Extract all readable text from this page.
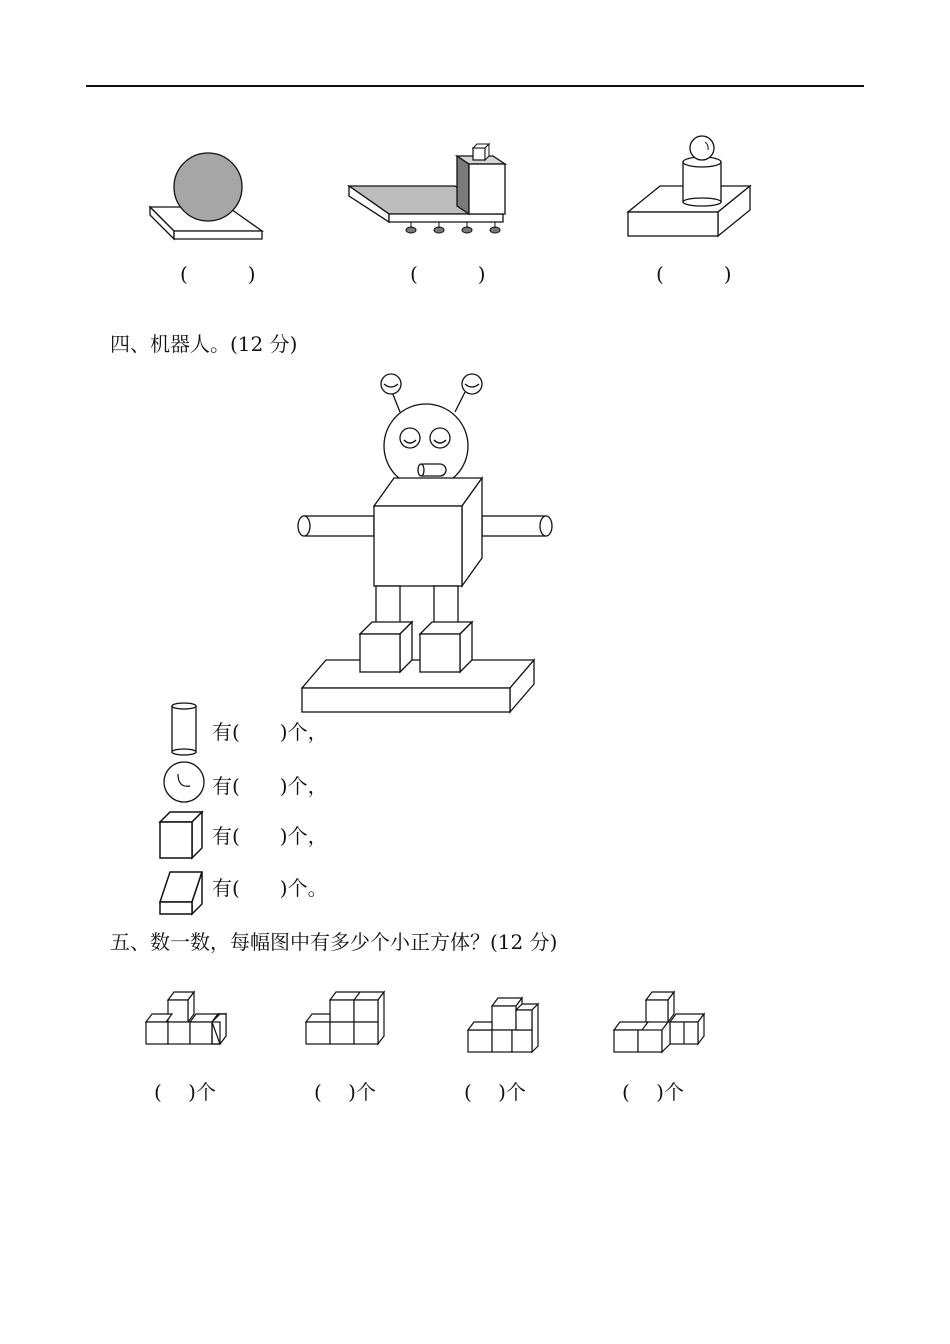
(　　　)	(　　　)	(　　　)
四、机器人。(12 分)
有(　　)个，
有(　　)个，
有(　　)个，
有(　　)个。
五、数一数，每幅图中有多少个小正方体？(12 分)
(　 )个	(　 )个	(　 )个	(　 )个
